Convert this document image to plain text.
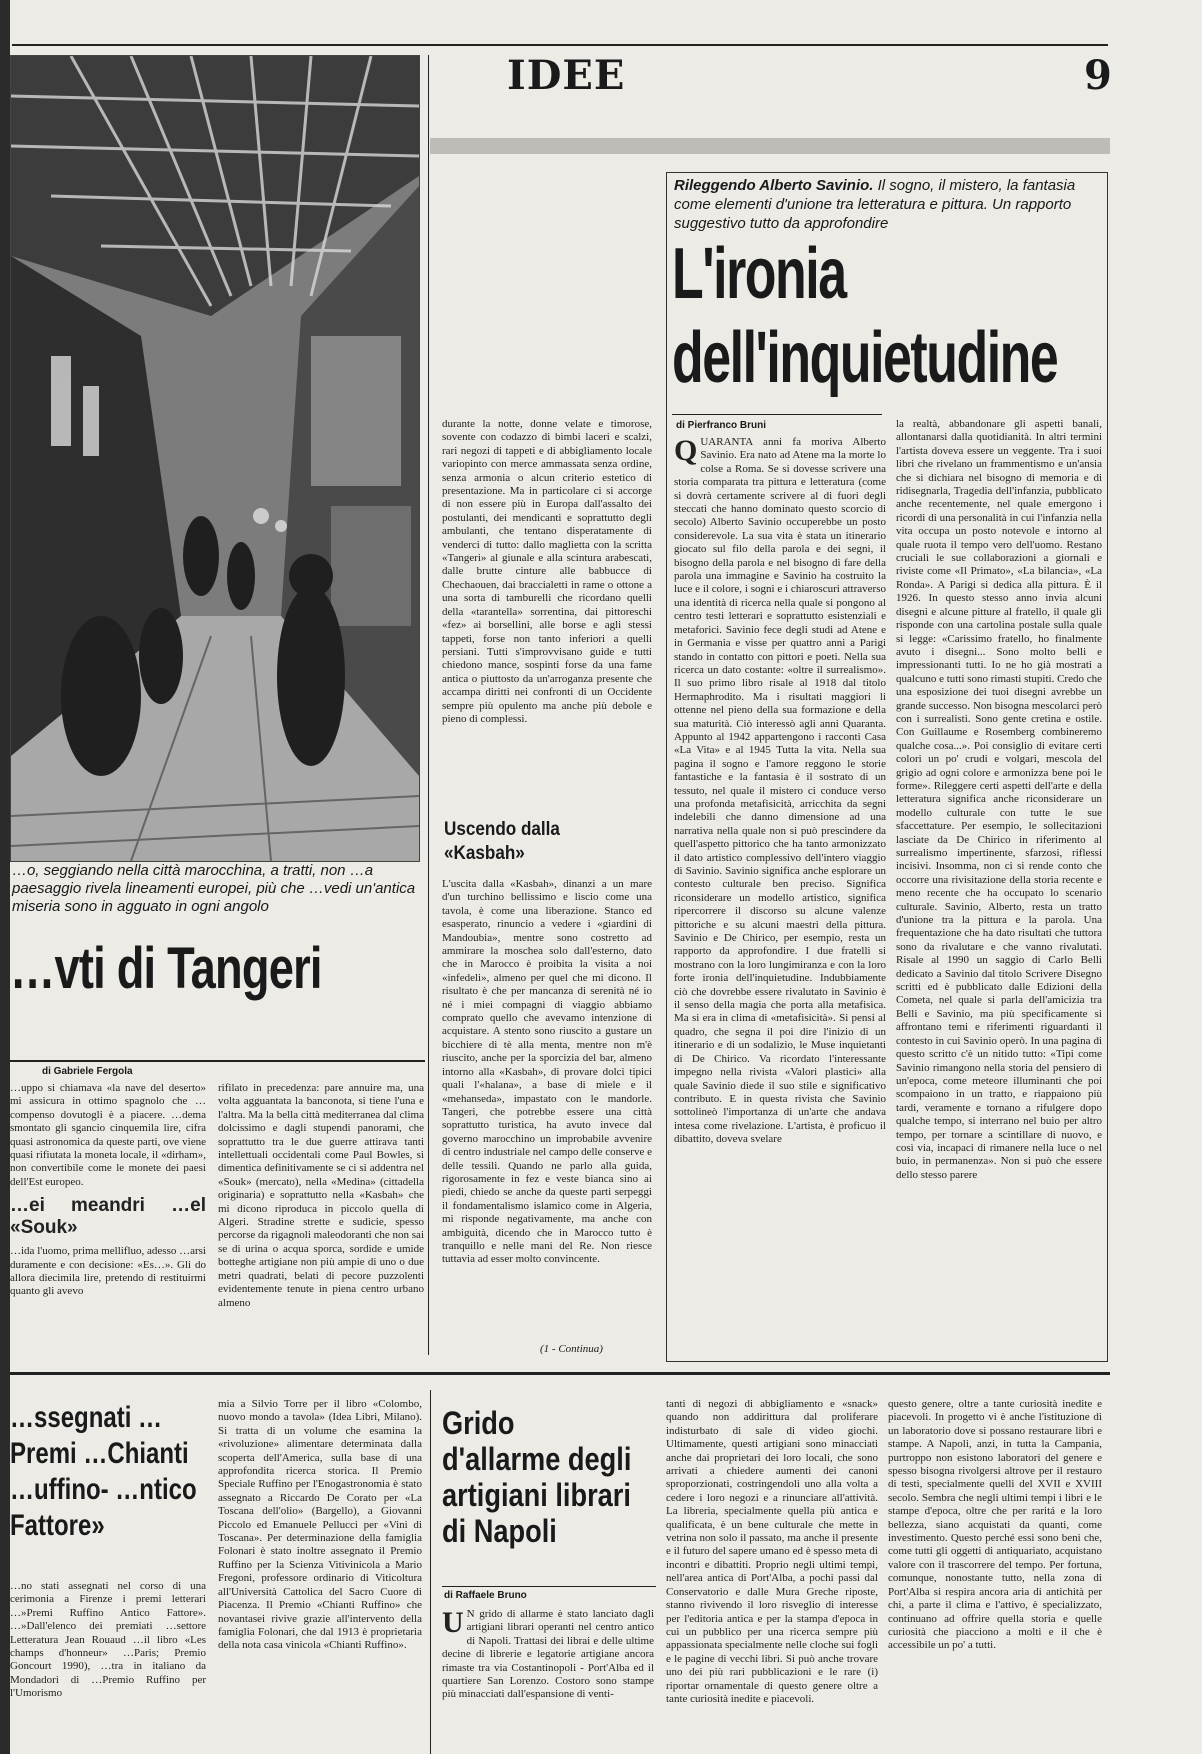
IDEE	9
…o, seggiando nella città marocchina, a tratti, non …a paesaggio rivela lineamenti europei, più che …vedi un'antica miseria sono in agguato in ogni angolo
…vti di Tangeri
di Gabriele Fergola

…uppo si chiamava «la nave del deserto» mi assicura in ottimo spagnolo che …compenso dovutogli è a piacere. …dema smontato gli sgancio cinquemila lire, cifra quasi astronomica da queste parti, ove viene quasi rifiutata la moneta locale, il «dirham», non convertibile come le monete dei paesi dell'Est europeo.

…ei meandri …el «Souk»

…ida l'uomo, prima mellifluo, adesso …arsi duramente e con decisione: «Es…». Gli do allora diecimila lire, pretendo di restituirmi quanto gli avevo

rifilato in precedenza: pare annuire ma, una volta agguantata la banconota, si tiene l'una e l'altra. Ma la bella città mediterranea dal clima dolcissimo e dagli stupendi panorami, che soprattutto tra le due guerre attirava tanti intellettuali occidentali come Paul Bowles, si dimentica definitivamente se ci si addentra nel «Souk» (mercato), nella «Medina» (cittadella originaria) e soprattutto nella «Kasbah» che mi dicono riproduca in piccolo quella di Algeri. Stradine strette e sudicie, spesso percorse da rigagnoli maleodoranti che non sai se di urina o acqua sporca, sordide e umide botteghe artigiane non più ampie di uno o due metri quadrati, belati di pecore puzzolenti evidentemente tenute in piena centro urbano almeno

durante la notte, donne velate e timorose, sovente con codazzo di bimbi laceri e scalzi, rari negozi di tappeti e di abbigliamento locale variopinto con merce ammassata senza ordine, senza armonia o alcun criterio estetico di presentazione. Ma in particolare ci si accorge di non essere più in Europa dall'assalto dei postulanti, dei mendicanti e soprattutto degli ambulanti, che tentano disperatamente di venderci di tutto: dallo maglietta con la scritta «Tangeri» al giunale e alla scintura arabescati, dalle brutte cinture alle babbucce di Chechaouen, dai braccialetti in rame o ottone a una sorta di tamburelli che ricordano quelli della «tarantella» sorrentina, dai pittoreschi «fez» ai borsellini, alle borse e agli stessi tappeti, forse non tanto inferiori a quelli persiani. Tutti s'improvvisano guide e tutti chiedono mance, sospinti forse da una fame antica o piuttosto da un'arroganza presente che accampa diritti nei confronti di un Occidente sempre più opulento ma anche più debole e pieno di complessi.

Uscendo dalla «Kasbah»

L'uscita dalla «Kasbah», dinanzi a un mare d'un turchino bellissimo e liscio come una tavola, è come una liberazione. Stanco ed esasperato, rinuncio a vedere i «giardini di Mandoubia», mentre sono costretto ad ammirare la moschea solo dall'esterno, dato che in Marocco è proibita la visita a noi «infedeli», almeno per quel che mi dicono. Il risultato è che per mancanza di serenità né io né i miei compagni di viaggio abbiamo comprato quello che avevamo intenzione di acquistare. A stento sono riuscito a gustare un bicchiere di tè alla menta, mentre non m'è riuscito, anche per la sporcizia del bar, almeno intorno alla «Kasbah», di provare dolci tipici quali l'«halana», a base di miele e il «mehanseda», impastato con le mandorle. Tangeri, che potrebbe essere una città soprattutto turistica, ha avuto invece dal governo marocchino un improbabile avvenire di centro industriale nel campo delle conserve e delle tessili. Quando ne parlo alla guida, rigorosamente in fez e veste bianca sino ai piedi, chiedo se anche da queste parti serpeggi il fondamentalismo islamico come in Algeria, mi risponde negativamente, ma anche con ambiguità, dicendo che in Marocco tutto è tranquillo e nelle mani del Re. Non riesce tuttavia ad esser molto convincente.

(1 - Continua)
Rileggendo Alberto Savinio. Il sogno, il mistero, la fantasia come elementi d'unione tra letteratura e pittura. Un rapporto suggestivo tutto da approfondire
L'ironia
dell'inquietudine
di Pierfranco Bruni

QUARANTA anni fa moriva Alberto Savinio. Era nato ad Atene ma la morte lo colse a Roma. Se si dovesse scrivere una storia comparata tra pittura e letteratura (come si dovrà certamente scrivere al di fuori degli steccati che hanno dominato questo scorcio di secolo) Alberto Savinio occuperebbe un posto considerevole. La sua vita è stata un itinerario giocato sul filo della parola e dei segni, il bisogno della parola e nel bisogno di fare della parola una immagine e Savinio ha costruito la luce e il colore, i sogni e i chiaroscuri attraverso una identità di ricerca nella quale si pongono al centro testi letterari e soprattutto esistenziali e metaforici. Savinio fece degli studi ad Atene e in Germania e visse per quattro anni a Parigi stando in contatto con pittori e poeti. Nella sua ricerca un dato costante: «oltre il surrealismo». Il suo primo libro risale al 1918 dal titolo Hermaphrodito. Ma i risultati maggiori li ottenne nel pieno della sua formazione e della sua maturità. Ciò interessò agli anni Quaranta. Appunto al 1942 appartengono i racconti Casa «La Vita» e al 1945 Tutta la vita. Nella sua pagina il sogno e l'amore reggono le storie fantastiche e la fantasia è il sostrato di un tessuto, nel quale il mistero ci conduce verso una profonda metafisicità, arricchita da segni indelebili che danno dimensione ad una narrativa nella quale non si può prescindere da quell'aspetto pittorico che ha tanto armonizzato il dato artistico complessivo dell'intero viaggio di Savinio. Savinio significa anche esplorare un contesto culturale ben preciso. Significa riconsiderare un modello artistico, significa ripercorrere il discorso su alcune valenze pittoriche e su alcuni maestri della pittura. Savinio e De Chirico, per esempio, resta un rapporto da approfondire. I due fratelli si mostrano con la loro lungimiranza e con la loro forte ironia dell'inquietudine. Indubbiamente ciò che dovrebbe essere rivalutato in Savinio è il senso della magia che porta alla metafisica. Ma si era in clima di «metafisicità». Si pensi al quadro, che segna il poi dire l'inizio di un itinerario e di un sodalizio, le Muse inquietanti di De Chirico. Va ricordato l'interessante impegno nella rivista «Valori plastici» alla quale Savinio diede il suo stile e significativo contributo. E in questa rivista che Savinio sottolineò l'importanza di un'arte che andava intesa come rivelazione. L'artista, è proficuo il dibattito, doveva svelare

la realtà, abbandonare gli aspetti banali, allontanarsi dalla quotidianità. In altri termini l'artista doveva essere un veggente. Tra i suoi libri che rivelano un frammentismo e un'ansia che si dichiara nel bisogno di memoria e di ridisegnarla, Tragedia dell'infanzia, pubblicato anche recentemente, nel quale emergono i ricordi di una personalità in cui l'infanzia nella vita occupa un posto notevole e intorno al quale ruota il tempo vero dell'uomo. Restano cruciali le sue collaborazioni a giornali e riviste come «Il Primato», «La bilancia», «La Ronda». A Parigi si dedica alla pittura. È il 1926. In questo stesso anno invia alcuni disegni e alcune pitture al fratello, il quale gli risponde con una cartolina postale sulla quale si legge: «Carissimo fratello, ho finalmente avuto i disegni... Sono molto belli e impressionanti tutti. Io ne ho già mostrati a qualcuno e tutti sono rimasti stupiti. Credo che una esposizione dei tuoi disegni avrebbe un grande successo. Non bisogna mescolarci però con i surrealisti. Sono gente cretina e ostile. Con Guillaume e Rosemberg combineremo qualche cosa...». Poi consiglio di evitare certi colori un po' crudi e volgari, mescola del grigio ad ogni colore e armonizza bene poi le forme». Rileggere certi aspetti dell'arte e della letteratura significa anche riconsiderare un modello culturale con tutte le sue sfaccettature. Per esempio, le sollecitazioni lasciate da De Chirico in riferimento al surrealismo impertinente, sfarzosi, riflessi incisivi. Insomma, non ci si rende conto che occorre una rivisitazione della storia recente e meno recente che ha occupato lo scenario culturale. Savinio, Alberto, resta un tratto d'unione tra la pittura e la parola. Una frequentazione che ha dato risultati che tuttora sono da rivalutare e che vanno rivalutati. Risale al 1990 un saggio di Carlo Belli dedicato a Savinio dal titolo Scrivere Disegno scritti ed è pubblicato dalle Edizioni della Cometa, nel quale si parla dell'amicizia tra Belli e Savinio, ma più specificamente si affrontano temi e riferimenti riguardanti il contesto in cui Savinio operò. In una pagina di questo scritto c'è un nitido tutto: «Tipi come Savinio rimangono nella storia del pensiero di un'epoca, come meteore illuminanti che poi scompaiono in un tratto, e riappaiono più tardi, veramente e tornano a rifulgere dopo qualche tempo, si interrano nel buio per altro tempo, per tornare a scintillare di nuovo, e così via, incapaci di rimanere nella luce o nel buio, in permanenza». Non si può che essere dello stesso parere

…ssegnati …Premi …Chianti …uffino- …ntico Fattore»

…no stati assegnati nel corso di una cerimonia a Firenze i premi letterari …»Premi Ruffino Antico Fattore». …»Dall'elenco dei premiati …settore Letteratura Jean Rouaud …il libro «Les champs d'honneur» …Paris; Premio Goncourt 1990), …tra in italiano da Mondadori di …Premio Ruffino per l'Umorismo

mia a Silvio Torre per il libro «Colombo, nuovo mondo a tavola» (Idea Libri, Milano). Si tratta di un volume che esamina la «rivoluzione» alimentare determinata dalla scoperta dell'America, sulla base di una approfondita ricerca storica. Il Premio Speciale Ruffino per l'Enogastronomia è stato assegnato a Riccardo De Corato per «La Toscana dell'olio» (Bargello), a Giovanni Piccolo ed Emanuele Pellucci per «Vini di Toscana». Per determinazione della famiglia Folonari è stato inoltre assegnato il Premio Ruffino per la Scienza Vitivinicola a Mario Fregoni, professore ordinario di Viticoltura all'Università Cattolica del Sacro Cuore di Piacenza. Il Premio «Chianti Ruffino» che novantasei rivive grazie all'intervento della famiglia Folonari, che dal 1913 è proprietaria della nota casa vinicola «Chianti Ruffino».

Grido d'allarme degli artigiani librari di Napoli
di Raffaele Bruno

U N grido di allarme è stato lanciato dagli artigiani librari operanti nel centro antico di Napoli. Trattasi dei librai e delle ultime decine di librerie e legatorie artigiane ancora rimaste tra via Costantinopoli - Port'Alba ed il quartiere San Lorenzo. Costoro sono stampe più minacciati dall'espansione di venti-

tanti di negozi di abbigliamento e «snack» quando non addirittura dal proliferare indisturbato di sale di video giochi. Ultimamente, questi artigiani sono minacciati anche dai proprietari dei loro locali, che sono arrivati a chiedere aumenti dei canoni sproporzionati, costringendoli uno alla volta a cedere i loro negozi e a rinunciare all'attività. La libreria, specialmente quella più antica e qualificata, è un bene culturale che mette in vetrina non solo il passato, ma anche il presente e il futuro del sapere umano ed è spesso meta di incontri e dibattiti. Proprio negli ultimi tempi, nell'area antica di Port'Alba, a pochi passi dal Conservatorio e dalle Mura Greche riposte, stanno rivivendo il loro risveglio di interesse per l'editoria antica e per la stampa d'epoca in cui un pubblico per una ricerca sempre più appassionata specialmente nelle cloche sui fogli e le pagine di vecchi libri. Si può anche trovare uno dei più rari pubblicazioni e le rare (i) riportar ornamentale di questo genere oltre a tante curiosità inedite e piacevoli.

questo genere, oltre a tante curiosità inedite e piacevoli. In progetto vi è anche l'istituzione di un laboratorio dove si possano restaurare libri e stampe. A Napoli, anzi, in tutta la Campania, purtroppo non esistono laboratori del genere e spesso bisogna rivolgersi altrove per il restauro di testi, specialmente quelli del XVII e XVIII secolo. Sembra che negli ultimi tempi i libri e le stampe d'epoca, oltre che per raritá e la loro bellezza, siano acquistati da quanti, come investimento. Questo perché essi sono beni che, come tutti gli oggetti di antiquariato, acquistano valore con il trascorrere del tempo. Per fortuna, comunque, nonostante tutto, nella zona di Port'Alba si respira ancora aria di antichità per chi, a parte il clima e l'attivo, è specializzato, continuano ad offrire quella storia e quelle curiosità che piacciono a molti e il che è accessibile un po' a tutti.
